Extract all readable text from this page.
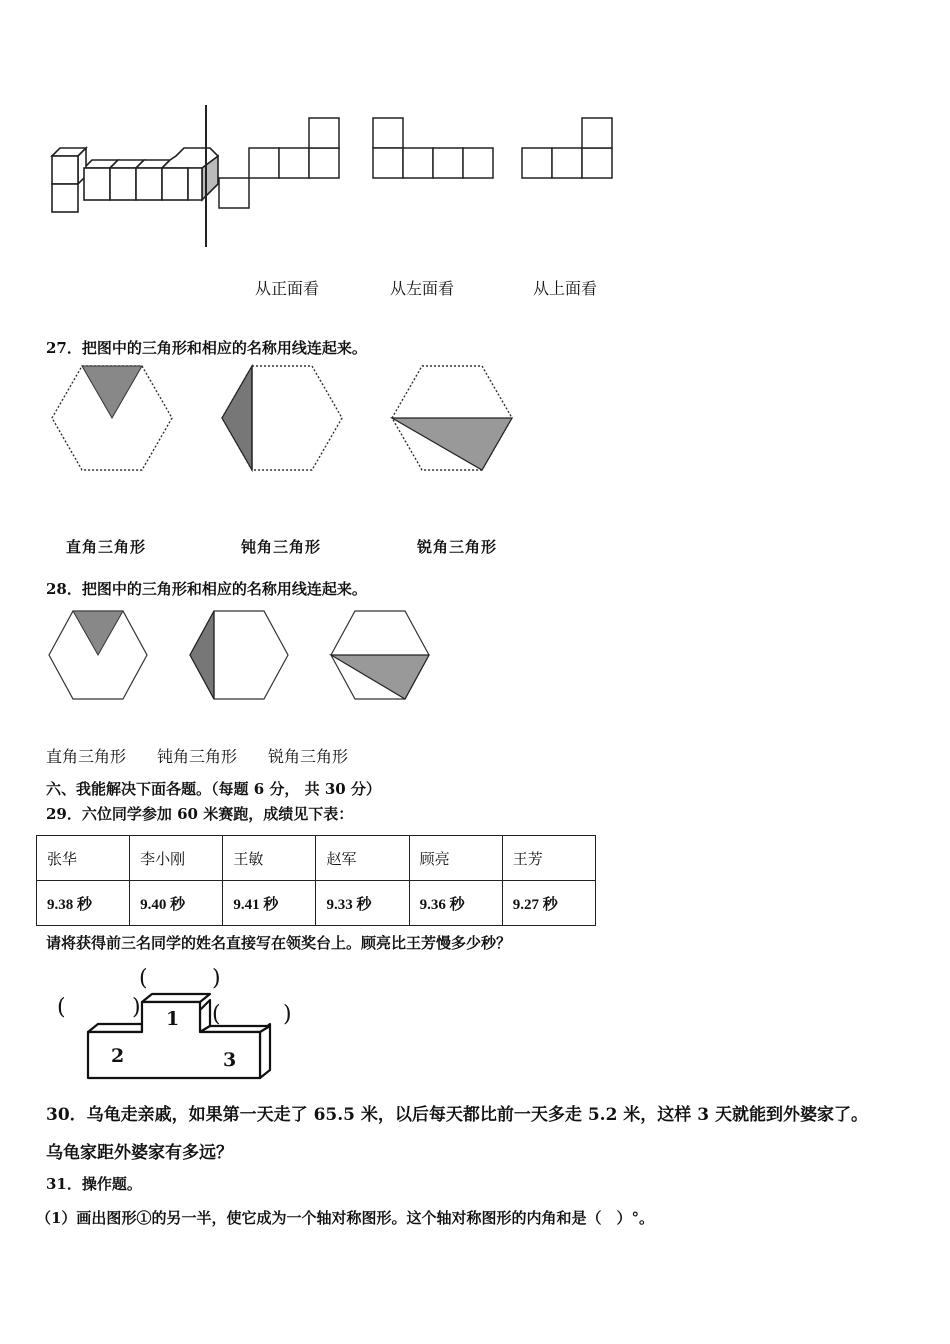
从正面看	从左面看	从上面看
27．把图中的三角形和相应的名称用线连起来。
直角三角形	钝角三角形	锐角三角形
28．把图中的三角形和相应的名称用线连起来。
直角三角形 钝角三角形 锐角三角形
六、我能解决下面各题。（每题 6 分， 共 30 分）
29．六位同学参加 60 米赛跑，成绩见下表：
张华	李小刚	王敏	赵军	顾亮	王芳
9.38 秒	9.40 秒	9.41 秒	9.33 秒	9.36 秒	9.27 秒
请将获得前三名同学的姓名直接写在领奖台上。顾亮比王芳慢多少秒？
(	)
(	)	(	)
1
2	3
30．乌龟走亲戚，如果第一天走了 65.5 米，以后每天都比前一天多走 5.2 米，这样 3 天就能到外婆家了。
乌龟家距外婆家有多远？
31．操作题。
（1）画出图形①的另一半，使它成为一个轴对称图形。这个轴对称图形的内角和是（　）°。
